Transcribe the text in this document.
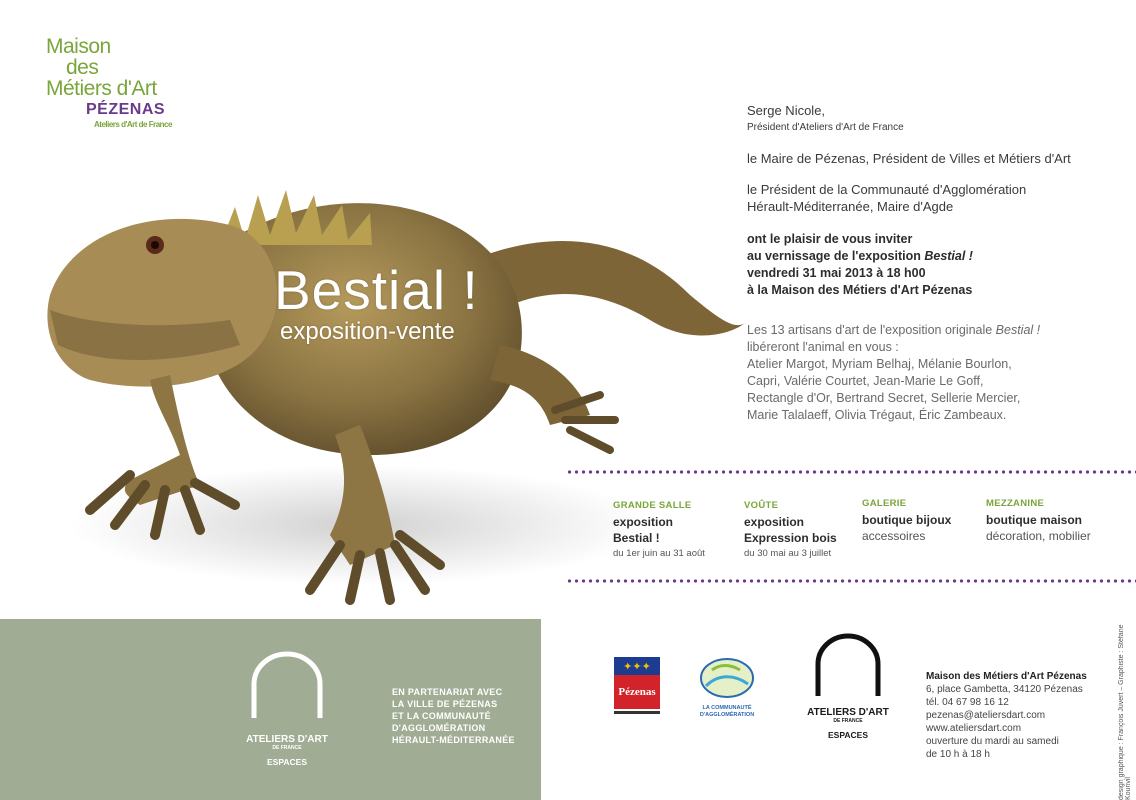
Maison
des
Métiers d'Art
PÉZENAS
Ateliers d'Art de France
Bestial !
exposition-vente
Serge Nicole,
Président d'Ateliers d'Art de France
le Maire de Pézenas, Président de Villes et Métiers d'Art
le Président de la Communauté d'Agglomération
Hérault-Méditerranée, Maire d'Agde
ont le plaisir de vous inviter
au vernissage de l'exposition Bestial !
vendredi 31 mai 2013 à 18 h00
à la Maison des Métiers d'Art Pézenas
Les 13 artisans d'art de l'exposition originale Bestial !
libéreront l'animal en vous :
Atelier Margot, Myriam Belhaj, Mélanie Bourlon,
Capri, Valérie Courtet, Jean-Marie Le Goff,
Rectangle d'Or, Bertrand Secret, Sellerie Mercier,
Marie Talalaeff, Olivia Trégaut, Éric Zambeaux.
GRANDE SALLE
exposition
Bestial !
du 1er juin au 31 août
VOÛTE
exposition
Expression bois
du 30 mai au 3 juillet
GALERIE
boutique bijoux
accessoires
MEZZANINE
boutique maison
décoration, mobilier
ATELIERS D'ART
DE FRANCE
ESPACES
EN PARTENARIAT AVEC
LA VILLE DE PÉZENAS
ET LA COMMUNAUTÉ
D'AGGLOMÉRATION
HÉRAULT-MÉDITERRANÉE
✦✦✦
Pézenas
LA COMMUNAUTÉ D'AGGLOMÉRATION	ATELIERS D'ART
DE FRANCE
ESPACES
Maison des Métiers d'Art Pézenas
6, place Gambetta, 34120 Pézenas
tél. 04 67 98 16 12
pezenas@ateliersdart.com
www.ateliersdart.com
ouverture du mardi au samedi
de 10 h à 18 h	design graphique : François Juvert – Graphiste : Stéfane Kounvil
